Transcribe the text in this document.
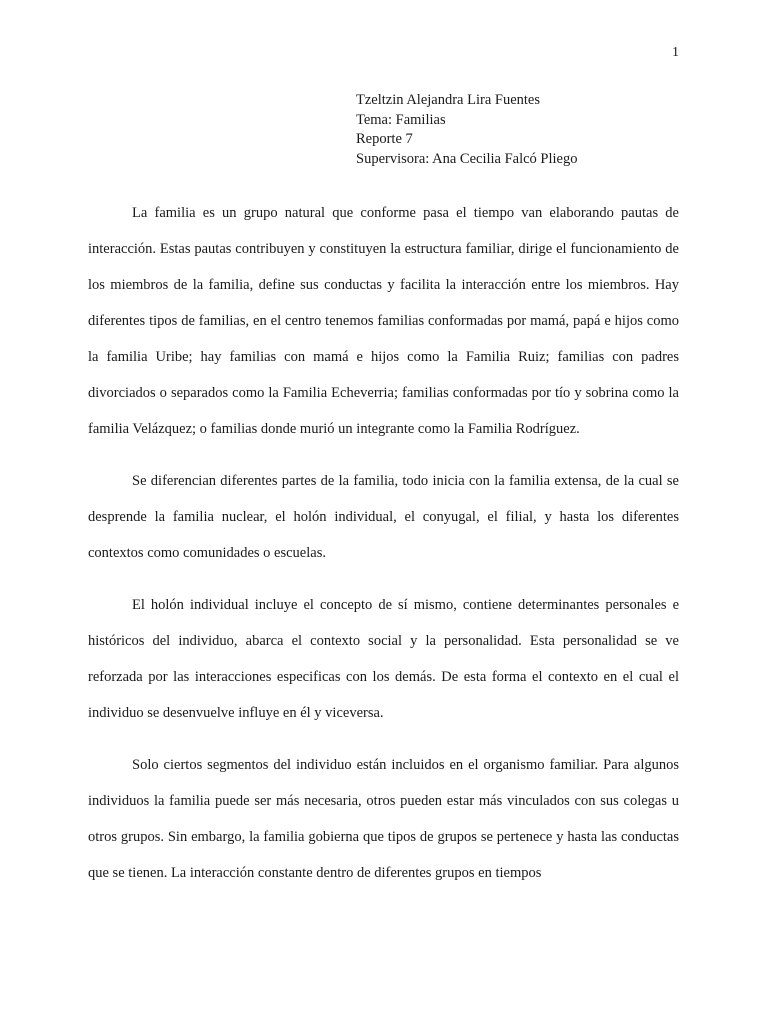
1
Tzeltzin Alejandra Lira Fuentes
Tema: Familias
Reporte 7
Supervisora: Ana Cecilia Falcó Pliego

La familia es un grupo natural que conforme pasa el tiempo van elaborando pautas de interacción. Estas pautas contribuyen y constituyen la estructura familiar, dirige el funcionamiento de los miembros de la familia, define sus conductas y facilita la interacción entre los miembros. Hay diferentes tipos de familias, en el centro tenemos familias conformadas por mamá, papá e hijos como la familia Uribe; hay familias con mamá e hijos como la Familia Ruiz; familias con padres divorciados o separados como la Familia Echeverria; familias conformadas por tío y sobrina como la familia Velázquez; o familias donde murió un integrante como la Familia Rodríguez.

Se diferencian diferentes partes de la familia, todo inicia con la familia extensa, de la cual se desprende la familia nuclear, el holón individual, el conyugal, el filial, y hasta los diferentes contextos como comunidades o escuelas.

El holón individual incluye el concepto de sí mismo, contiene determinantes personales e históricos del individuo, abarca el contexto social y la personalidad. Esta personalidad se ve reforzada por las interacciones especificas con los demás. De esta forma el contexto en el cual el individuo se desenvuelve influye en él y viceversa.

Solo ciertos segmentos del individuo están incluidos en el organismo familiar. Para algunos individuos la familia puede ser más necesaria, otros pueden estar más vinculados con sus colegas u otros grupos. Sin embargo, la familia gobierna que tipos de grupos se pertenece y hasta las conductas que se tienen. La interacción constante dentro de diferentes grupos en tiempos
